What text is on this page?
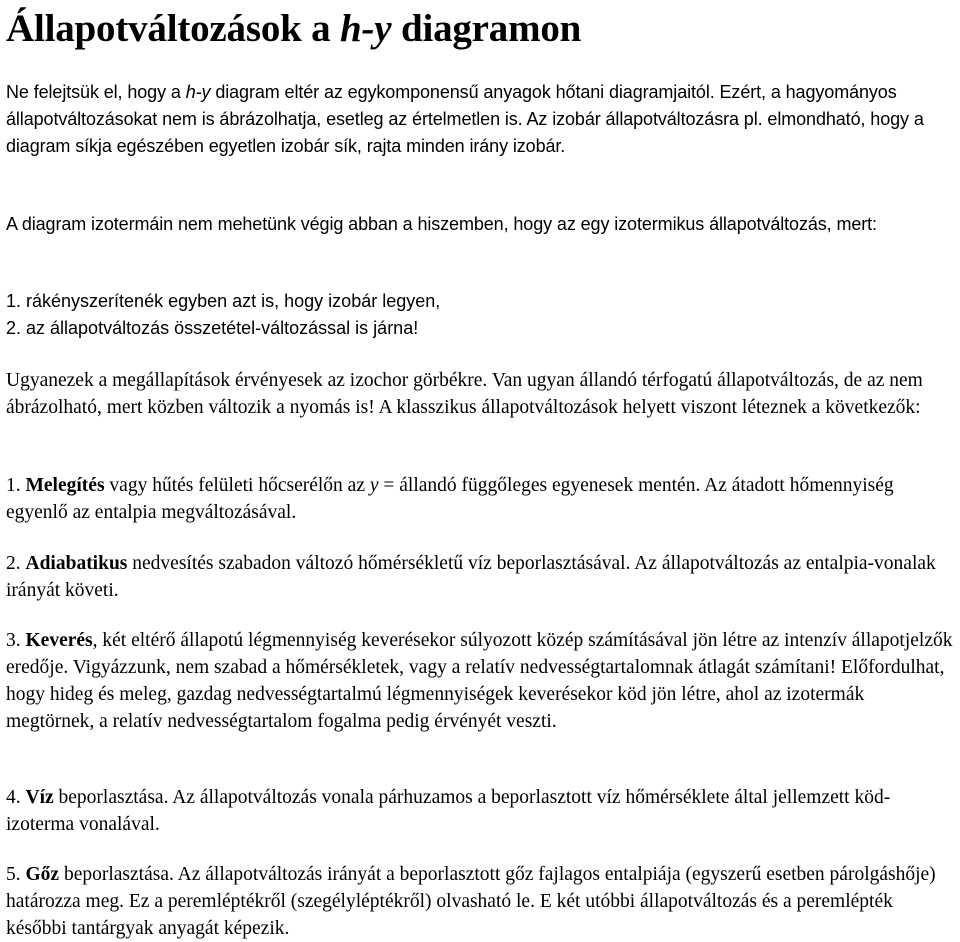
Állapotváltozások a h-y diagramon

Ne felejtsük el, hogy a h-y diagram eltér az egykomponensű anyagok hőtani diagramjaitól. Ezért, a hagyományos állapotváltozásokat nem is ábrázolhatja, esetleg az értelmetlen is. Az izobár állapotváltozásra pl. elmondható, hogy a diagram síkja egészében egyetlen izobár sík, rajta minden irány izobár.

A diagram izotermáin nem mehetünk végig abban a hiszemben, hogy az egy izotermikus állapotváltozás, mert:

1. rákényszerítenék egyben azt is, hogy izobár legyen,
2. az állapotváltozás összetétel-változással is járna!

Ugyanezek a megállapítások érvényesek az izochor görbékre. Van ugyan állandó térfogatú állapotváltozás, de az nem ábrázolható, mert közben változik a nyomás is! A klasszikus állapotváltozások helyett viszont léteznek a következők:

1. Melegítés vagy hűtés felületi hőcserélőn az y = állandó függőleges egyenesek mentén. Az átadott hőmennyiség egyenlő az entalpia megváltozásával.

2. Adiabatikus nedvesítés szabadon változó hőmérsékletű víz beporlasztásával. Az állapotváltozás az entalpia-vonalak irányát követi.

3. Keverés, két eltérő állapotú légmennyiség keverésekor súlyozott közép számításával jön létre az intenzív állapotjelzők eredője. Vigyázzunk, nem szabad a hőmérsékletek, vagy a relatív nedvességtartalomnak átlagát számítani! Előfordulhat, hogy hideg és meleg, gazdag nedvességtartalmú légmennyiségek keverésekor köd jön létre, ahol az izotermák megtörnek, a relatív nedvességtartalom fogalma pedig érvényét veszti.

4. Víz beporlasztása. Az állapotváltozás vonala párhuzamos a beporlasztott víz hőmérséklete által jellemzett köd-izoterma vonalával.

5. Gőz beporlasztása. Az állapotváltozás irányát a beporlasztott gőz fajlagos entalpiája (egyszerű esetben párolgáshője) határozza meg. Ez a peremléptékről (szegélyléptékről) olvasható le. E két utóbbi állapotváltozás és a peremlépték későbbi tantárgyak anyagát képezik.
